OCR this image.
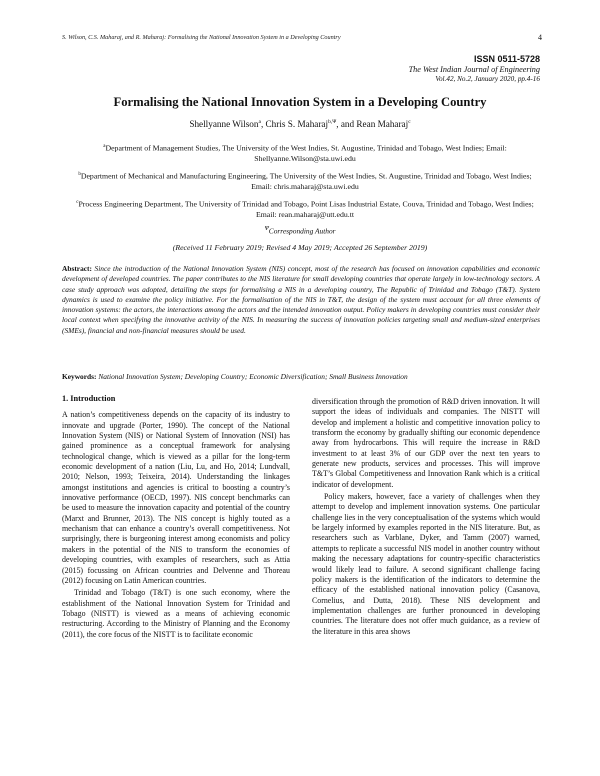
S. Wilson, C.S. Maharaj, and R. Maharaj: Formalising the National Innovation System in a Developing Country	4
ISSN 0511-5728
The West Indian Journal of Engineering
Vol.42, No.2, January 2020, pp.4-16
Formalising the National Innovation System in a Developing Country
Shellyanne Wilson$^a$, Chris S. Maharaj$^{b,\Psi}$, and Rean Maharaj$^c$
$^a$Department of Management Studies, The University of the West Indies, St. Augustine, Trinidad and Tobago, West Indies; Email: Shellyanne.Wilson@sta.uwi.edu
$^b$Department of Mechanical and Manufacturing Engineering, The University of the West Indies, St. Augustine, Trinidad and Tobago, West Indies; Email: chris.maharaj@sta.uwi.edu
$^c$Process Engineering Department, The University of Trinidad and Tobago, Point Lisas Industrial Estate, Couva, Trinidad and Tobago, West Indies; Email: rean.maharaj@utt.edu.tt
$^\Psi$Corresponding Author
(Received 11 February 2019; Revised 4 May 2019; Accepted 26 September 2019)
Abstract: Since the introduction of the National Innovation System (NIS) concept, most of the research has focused on innovation capabilities and economic development of developed countries. The paper contributes to the NIS literature for small developing countries that operate largely in low-technology sectors. A case study approach was adopted, detailing the steps for formalising a NIS in a developing country, The Republic of Trinidad and Tobago (T&T). System dynamics is used to examine the policy initiative. For the formalisation of the NIS in T&T, the design of the system must account for all three elements of innovation systems: the actors, the interactions among the actors and the intended innovation output. Policy makers in developing countries must consider their local context when specifying the innovative activity of the NIS. In measuring the success of innovation policies targeting small and medium-sized enterprises (SMEs), financial and non-financial measures should be used.
Keywords: National Innovation System; Developing Country; Economic Diversification; Small Business Innovation
1. Introduction

A nation’s competitiveness depends on the capacity of its industry to innovate and upgrade (Porter, 1990). The concept of the National Innovation System (NIS) or National System of Innovation (NSI) has gained prominence as a conceptual framework for analysing technological change, which is viewed as a pillar for the long-term economic development of a nation (Liu, Lu, and Ho, 2014; Lundvall, 2010; Nelson, 1993; Teixeira, 2014). Understanding the linkages amongst institutions and agencies is critical to boosting a country’s innovative performance (OECD, 1997). NIS concept benchmarks can be used to measure the innovation capacity and potential of the country (Marxt and Brunner, 2013). The NIS concept is highly touted as a mechanism that can enhance a country’s overall competitiveness. Not surprisingly, there is burgeoning interest among economists and policy makers in the potential of the NIS to transform the economies of developing countries, with examples of researchers, such as Attia (2015) focussing on African countries and Delvenne and Thoreau (2012) focusing on Latin American countries.

Trinidad and Tobago (T&T) is one such economy, where the establishment of the National Innovation System for Trinidad and Tobago (NISTT) is viewed as a means of achieving economic restructuring. According to the Ministry of Planning and the Economy (2011), the core focus of the NISTT is to facilitate economic

diversification through the promotion of R&D driven innovation. It will support the ideas of individuals and companies. The NISTT will develop and implement a holistic and competitive innovation policy to transform the economy by gradually shifting our economic dependence away from hydrocarbons. This will require the increase in R&D investment to at least 3% of our GDP over the next ten years to generate new products, services and processes. This will improve T&T’s Global Competitiveness and Innovation Rank which is a critical indicator of development.

Policy makers, however, face a variety of challenges when they attempt to develop and implement innovation systems. One particular challenge lies in the very conceptualisation of the systems which would be largely informed by examples reported in the NIS literature. But, as researchers such as Varblane, Dyker, and Tamm (2007) warned, attempts to replicate a successful NIS model in another country without making the necessary adaptations for country-specific characteristics would likely lead to failure. A second significant challenge facing policy makers is the identification of the indicators to determine the efficacy of the established national innovation policy (Casanova, Cornelius, and Dutta, 2018). These NIS development and implementation challenges are further pronounced in developing countries. The literature does not offer much guidance, as a review of the literature in this area shows
